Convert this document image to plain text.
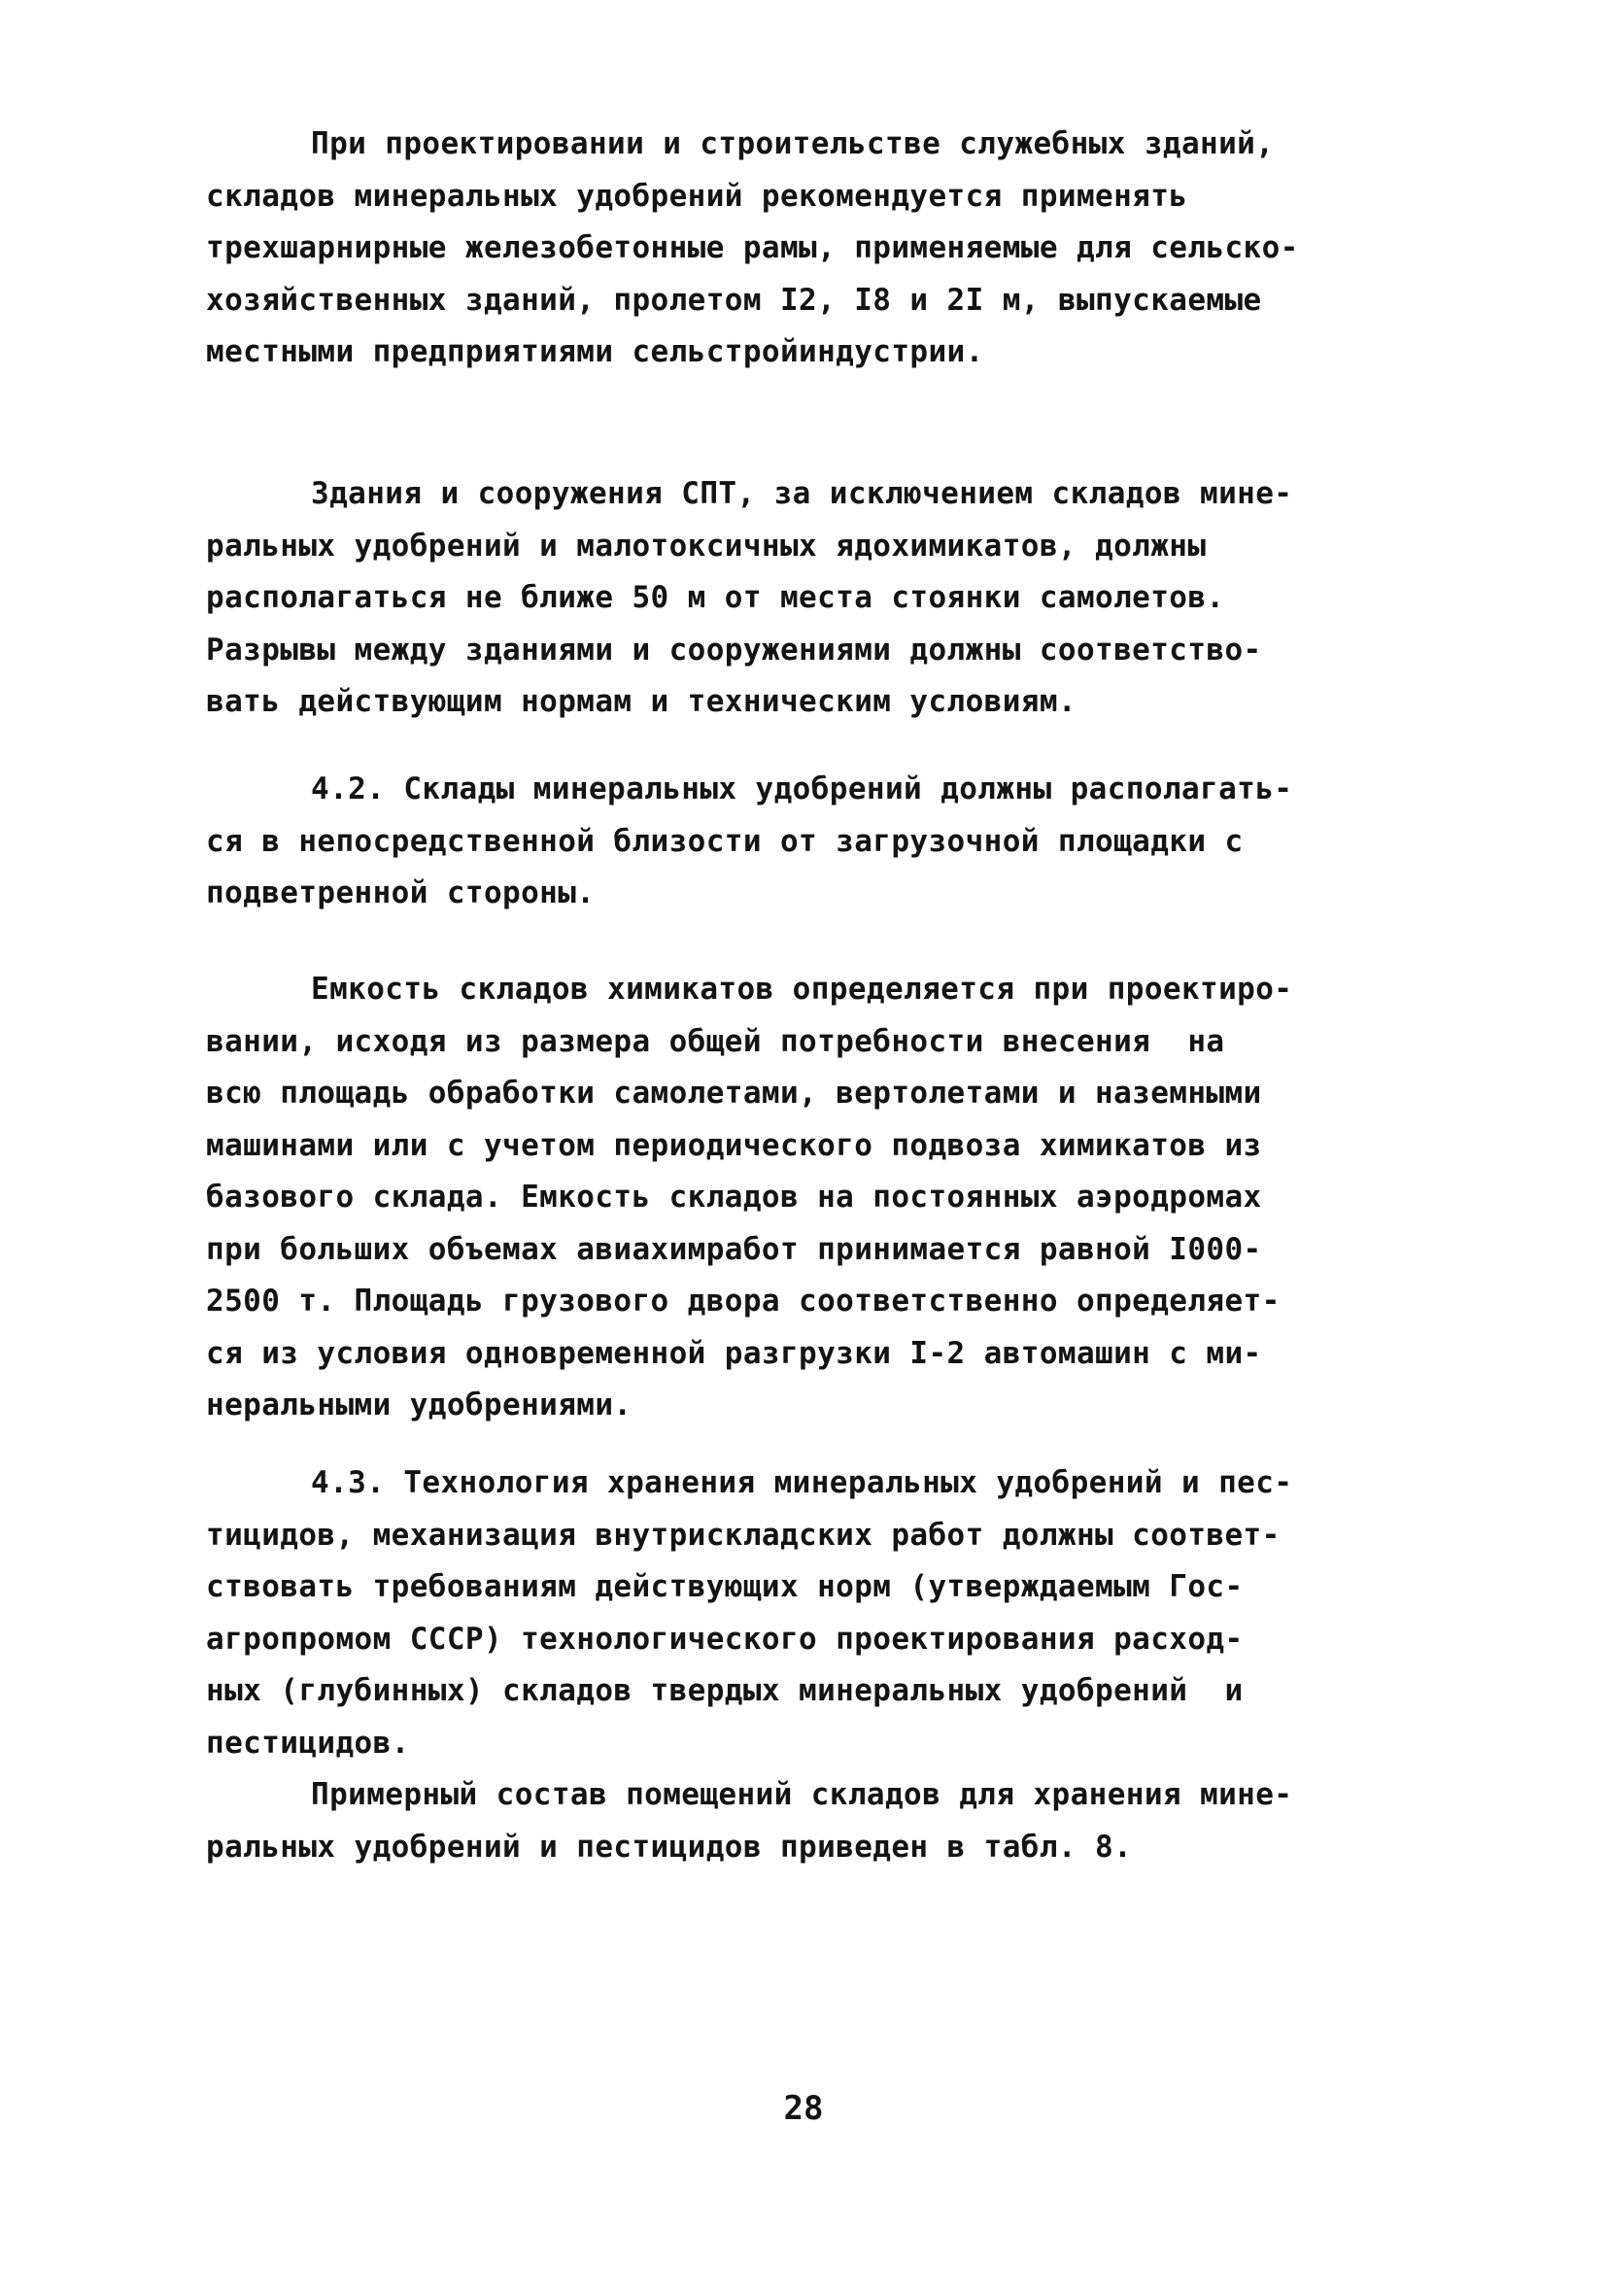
При проектировании и строительстве служебных зданий,
складов минеральных удобрений рекомендуется применять
трехшарнирные железобетонные рамы, применяемые для сельско-
хозяйственных зданий, пролетом I2, I8 и 2I м, выпускаемые
местными предприятиями сельстройиндустрии.
Здания и сооружения СПТ, за исключением складов мине-
ральных удобрений и малотоксичных ядохимикатов, должны
располагаться не ближе 50 м от места стоянки самолетов.
Разрывы между зданиями и сооружениями должны соответство-
вать действующим нормам и техническим условиям.
4.2. Склады минеральных удобрений должны располагать-
ся в непосредственной близости от загрузочной площадки с
подветренной стороны.
Емкость складов химикатов определяется при проектиро-
вании, исходя из размера общей потребности внесения  на
всю площадь обработки самолетами, вертолетами и наземными
машинами или с учетом периодического подвоза химикатов из
базового склада. Емкость складов на постоянных аэродромах
при больших объемах авиахимработ принимается равной I000-
2500 т. Площадь грузового двора соответственно определяет-
ся из условия одновременной разгрузки I-2 автомашин с ми-
неральными удобрениями.
4.3. Технология хранения минеральных удобрений и пес-
тицидов, механизация внутрискладских работ должны соответ-
ствовать требованиям действующих норм (утверждаемым Гос-
агропромом СССР) технологического проектирования расход-
ных (глубинных) складов твердых минеральных удобрений  и
пестицидов.
Примерный состав помещений складов для хранения мине-
ральных удобрений и пестицидов приведен в табл. 8.

28
